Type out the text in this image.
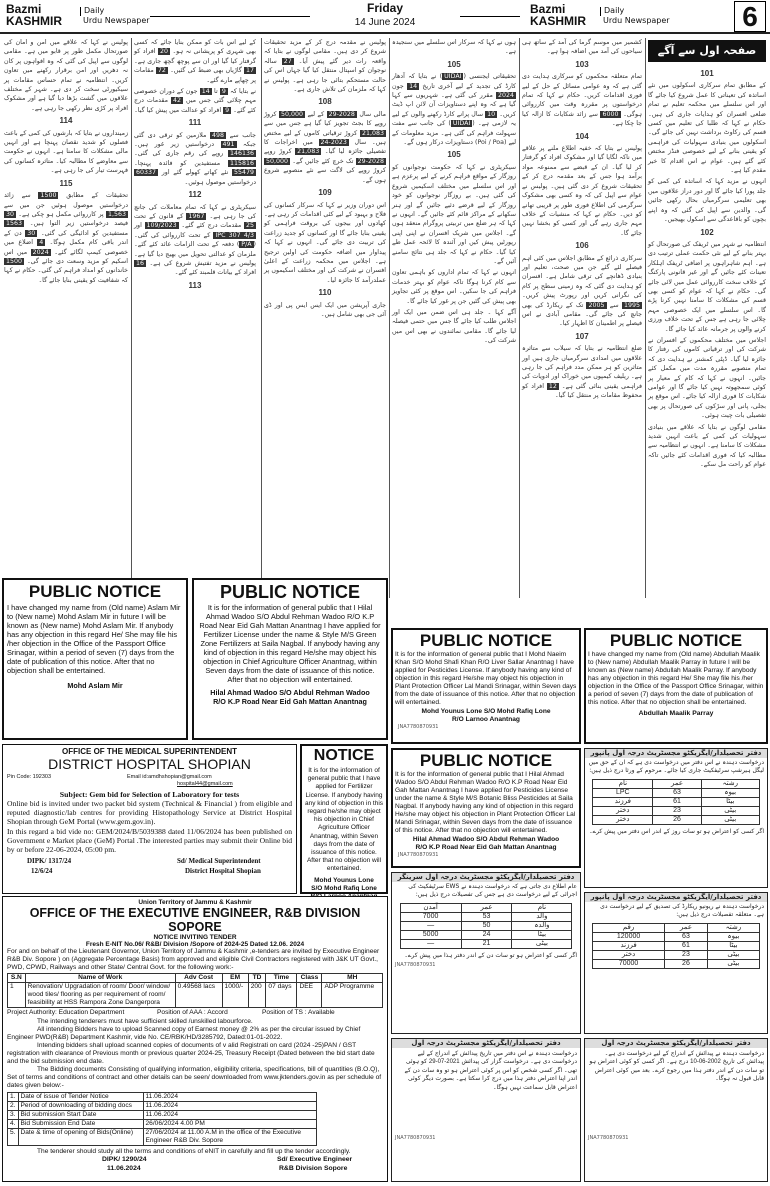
Bazmi
KASHMIR
Daily
Urdu Newspaper
Friday
14 June 2024
Bazmi
KASHMIR
Daily
Urdu Newspaper	6
صفحہ اول سے آگے
101

کے مطابق تمام سرکاری اسکولوں میں نئے اساتذہ کی تعیناتی کا عمل شروع کیا جائے گا اور اس سلسلے میں محکمہ تعلیم نے تمام ضلعی افسران کو ہدایات جاری کی ہیں۔ حکام نے کہا کہ طلبا کی تعلیم میں کسی قسم کی رکاوٹ برداشت نہیں کی جائے گی۔ اسکولوں میں بنیادی سہولیات کی فراہمی کو یقینی بنانے کے لیے خصوصی فنڈز مختص کئے گئے ہیں۔ عوام نے اس اقدام کا خیر مقدم کیا ہے۔

انہوں نے مزید کہا کہ اساتذہ کی کمی کو جلد پورا کیا جائے گا اور دور دراز علاقوں میں بھی تعلیمی سرگرمیاں بحال رکھی جائیں گی۔ والدین سے اپیل کی گئی کہ وہ اپنے بچوں کو باقاعدگی سے اسکول بھیجیں۔

102

انتظامیہ نے شہر میں ٹریفک کی صورتحال کو بہتر بنانے کے لیے نئی حکمت عملی ترتیب دی ہے۔ اہم شاہراہوں پر اضافی ٹریفک اہلکار تعینات کئے جائیں گے اور غیر قانونی پارکنگ کے خلاف سخت کارروائی عمل میں لائی جائے گی۔ حکام نے کہا کہ عوام کو کسی بھی قسم کی مشکلات کا سامنا نہیں کرنا پڑے گا۔ اس سلسلے میں ایک خصوصی مہم چلائی جا رہی ہے جس کے تحت خلاف ورزی کرنے والوں پر جرمانہ عائد کیا جائے گا۔

اجلاس میں مختلف محکموں کے افسران نے شرکت کی اور ترقیاتی کاموں کی رفتار کا جائزہ لیا گیا۔ ڈپٹی کمشنر نے ہدایت دی کہ تمام منصوبے مقررہ مدت میں مکمل کئے جائیں۔ انہوں نے کہا کہ کام کے معیار پر کوئی سمجھوتہ نہیں کیا جائے گا اور عوامی شکایات کا فوری ازالہ کیا جائے۔ اس موقع پر بجلی، پانی اور سڑکوں کی صورتحال پر بھی تفصیلی بات چیت ہوئی۔

مقامی لوگوں نے بتایا کہ علاقے میں بنیادی سہولیات کی کمی کے باعث انہیں شدید مشکلات کا سامنا ہے۔ انہوں نے انتظامیہ سے مطالبہ کیا کہ فوری اقدامات کئے جائیں تاکہ عوام کو راحت مل سکے۔

کشمیر میں موسم گرما کی آمد کے ساتھ ہی سیاحوں کی آمد میں اضافہ ہوا ہے۔

103

تمام متعلقہ محکموں کو سرکاری ہدایت دی گئی ہے کہ وہ عوامی مسائل کے حل کے لیے فوری اقدامات کریں۔ حکام نے کہا کہ تمام درخواستوں پر مقررہ وقت میں کارروائی ہوگی۔ 6000 سے زائد شکایات کا ازالہ کیا جا چکا ہے۔

104

پولیس نے بتایا کہ خفیہ اطلاع ملنے پر علاقے میں ناکہ لگایا گیا اور مشکوک افراد کو گرفتار کر لیا گیا۔ ان کے قبضے سے ممنوعہ مواد برآمد ہوا جس کے بعد مقدمہ درج کر کے تحقیقات شروع کر دی گئی ہیں۔ پولیس نے عوام سے اپیل کی کہ وہ کسی بھی مشکوک سرگرمی کی اطلاع فوری طور پر قریبی تھانے کو دیں۔ حکام نے کہا کہ منشیات کے خلاف مہم جاری رہے گی اور کسی کو بخشا نہیں جائے گا۔

106

سرکاری ذرائع کے مطابق اجلاس میں کئی اہم فیصلے لئے گئے جن میں صحت، تعلیم اور بنیادی ڈھانچے کی ترقی شامل ہے۔ افسران کو ہدایت دی گئی کہ وہ زمینی سطح پر کام کی نگرانی کریں اور رپورٹ پیش کریں۔ 1995 سے 2005 تک کے ریکارڈ کی بھی جانچ کی جائے گی۔ مقامی آبادی نے اس فیصلے پر اطمینان کا اظہار کیا۔

107

ضلع انتظامیہ نے بتایا کہ سیلاب سے متاثرہ علاقوں میں امدادی سرگرمیاں جاری ہیں اور متاثرین کو ہر ممکن مدد فراہم کی جا رہی ہے۔ ریلیف کیمپوں میں خوراک اور ادویات کی فراہمی یقینی بنائی گئی ہے۔ 12 افراد کو محفوظ مقامات پر منتقل کیا گیا۔

ہوں نے کہا کہ سرکار اس سلسلے میں سنجیدہ ہے۔

105

تحقیقاتی ایجنسی (UIDAI) نے بتایا کہ آدھار کارڈ کی تجدید کے لیے آخری تاریخ 14 جون 2024 مقرر کی گئی ہے۔ شہریوں سے کہا گیا ہے کہ وہ اپنے دستاویزات آن لائن اپ ڈیٹ کریں۔ 10 سال پرانے کارڈ رکھنے والوں کے لیے یہ لازمی ہے۔ (UIDAI) کی جانب سے مفت سہولت فراہم کی گئی ہے۔ مزید معلومات کے لیے (Poi / Poa) دستاویزات درکار ہوں گے۔

105

سیکریٹری نے کہا کہ حکومت نوجوانوں کو روزگار کے مواقع فراہم کرنے کے لیے پرعزم ہے اور اس سلسلے میں مختلف اسکیمیں شروع کی گئی ہیں۔ بے روزگار نوجوانوں کو خود روزگار کے لیے قرضے دئیے جائیں گے اور ہنر سکھانے کے مراکز قائم کئے جائیں گے۔ انہوں نے کہا کہ ہر ضلع میں تربیتی پروگرام منعقد ہوں گے۔ اجلاس میں شریک افسران نے اپنی اپنی رپورٹیں پیش کیں اور آئندہ کا لائحہ عمل طے کیا گیا۔ حکام نے کہا کہ جلد ہی نتائج سامنے آئیں گے۔

انہوں نے کہا کہ تمام اداروں کو باہمی تعاون سے کام کرنا ہوگا تاکہ عوام کو بہتر خدمات فراہم کی جا سکیں۔ اس موقع پر کئی تجاویز بھی پیش کی گئیں جن پر غور کیا جائے گا۔

آگے کہا ۔ جلد ہی اس ضمن میں ایک اور اجلاس طلب کیا جائے گا جس میں حتمی فیصلہ لیا جائے گا۔ مقامی نمائندوں نے بھی اس میں شرکت کی۔

پولیس نے مقدمہ درج کر کے مزید تحقیقات شروع کر دی ہیں۔ مقامی لوگوں نے بتایا کہ واقعہ رات دیر گئے پیش آیا۔ 27 سالہ نوجوان کو اسپتال منتقل کیا گیا جہاں اس کی حالت مستحکم بتائی جا رہی ہے۔ پولیس نے کہا کہ ملزمان کی تلاش جاری ہے۔

108

مالی سال 2028-29 کے لیے 50,000 کروڑ روپے کا بجٹ تجویز کیا گیا ہے جس میں سے 21,083 کروڑ ترقیاتی کاموں کے لیے مختص ہیں۔ سال 2023-24 میں اخراجات کا تفصیلی جائزہ لیا گیا۔ 21,083 کروڑ روپے 2028-29 تک خرچ کئے جائیں گے۔ 50,000 کروڑ روپے کی لاگت سے نئے منصوبے شروع ہوں گے۔

109

اس دوران وزیر نے کہا کہ سرکار کسانوں کی فلاح و بہبود کے لیے کئی اقدامات کر رہی ہے۔ کھادوں اور بیجوں کی بروقت فراہمی کو یقینی بنایا جائے گا اور کسانوں کو جدید زراعت کی تربیت دی جائے گی۔ انہوں نے کہا کہ پیداوار میں اضافہ حکومت کی اولین ترجیح ہے۔ اجلاس میں محکمہ زراعت کے اعلیٰ افسران نے شرکت کی اور مختلف اسکیموں پر عملدرآمد کا جائزہ لیا۔

110

جاری آپریشن میں ایک ایس ایس پی اور ڈی آئی جی بھی شامل ہیں۔

کے لیے اس بات کو ممکن بنایا جائے کہ کسی بھی شہری کو پریشانی نہ ہو۔ 20 افراد کو گرفتار کیا گیا اور ان سے پوچھ گچھ جاری ہے۔ 17 گاڑیاں بھی ضبط کی گئیں۔ 72 مقامات پر چھاپے مارے گئے۔

نے بتایا کہ 9 تا 14 جون کے دوران خصوصی مہم چلائی گئی جس میں 42 مقدمات درج کئے گئے۔ 9 افراد کو عدالت میں پیش کیا گیا۔

111

جانب سے 498 ملازمین کو ترقی دی گئی جبکہ 491 درخواستیں زیر غور ہیں۔ 146136 روپے کی رقم جاری کی گئی۔ 115816 مستفیدین کو فائدہ پہنچا۔ 55479 نئے کھاتے کھولے گئے اور 60337 درخواستیں موصول ہوئیں۔

112

سیکریٹری نے کہا کہ تمام معاملات کی جانچ کی جا رہی ہے۔ 1967 کے قانون کے تحت 25 مقدمات درج کئے گئے۔ 109/2023 اور 4/3 IPC 307 کے تحت کارروائی کی گئی۔ (P/A) دفعہ کے تحت الزامات عائد کئے گئے۔ ملزمان کو عدالتی تحویل میں بھیج دیا گیا ہے۔ پولیس نے مزید تفتیش شروع کی ہے۔ 16 افراد کے بیانات قلمبند کئے گئے۔

113

پولیس نے کہا کہ علاقے میں امن و امان کی صورتحال مکمل طور پر قابو میں ہے۔ مقامی لوگوں سے اپیل کی گئی کہ وہ افواہوں پر کان نہ دھریں اور امن برقرار رکھنے میں تعاون کریں۔ انتظامیہ نے تمام حساس مقامات پر سیکیورٹی سخت کر دی ہے۔ شہر کے مختلف علاقوں میں گشت بڑھا دیا گیا ہے اور مشکوک افراد پر کڑی نظر رکھی جا رہی ہے۔

114

زمینداروں نے بتایا کہ بارشوں کی کمی کے باعث فصلوں کو شدید نقصان پہنچا ہے اور انہیں مالی مشکلات کا سامنا ہے۔ انہوں نے حکومت سے معاوضے کا مطالبہ کیا۔ متاثرہ کسانوں کی فہرست تیار کی جا رہی ہے۔

115

تحقیقات کے مطابق 1500 سے زائد درخواستیں موصول ہوئیں جن میں سے 1,563 پر کارروائی مکمل ہو چکی ہے۔ 30 فیصد درخواستیں زیر التوا ہیں۔ 1563 مستفیدین کو ادائیگی کی گئی۔ 30 دن کے اندر باقی کام مکمل ہوگا۔ 4 اضلاع میں خصوصی کیمپ لگائے گئے۔ 2024 میں اس اسکیم کو مزید وسعت دی جائے گی۔ 1500 خاندانوں کو امداد فراہم کی گئی۔ حکام نے کہا کہ شفافیت کو یقینی بنایا جائے گا۔

PUBLIC NOTICE
I have changed my name from (Old name) Aslam Mir to (New name) Mohd Aslam Mir in future I will be known as (New name) Mohd Aslam Mir. If anybody has any objection in this regard He/ She may file his /her objection in the Office of the Passport Office Srinagar, within a period of seven (7) days from the date of publication of this notice. After that no objection shall be entertained.
Mohd Aslam Mir
PUBLIC NOTICE
It is for the information of general public that I Hilal Ahmad Wadoo S/O Abdul Rehman Wadoo R/O K.P Road Near Eid Gah Mattan Anantnag I have applied for Fertilizer License under the name & Style M/S Green Zone Fertilizers at Saila Nagbal. If anybody having any kind of objection in this regard He/she may object his objection in Chief Agriculture Officer Anantnag, within Seven days from the date of issuance of this notice. After that no objection will entertained.
Hilal Ahmad Wadoo S/O Abdul Rehman Wadoo
R/O K.P Road Near Eid Gah Mattan Anantnag
PUBLIC NOTICE
It is for the information of general public that I Mohd Naeim Khan S/O Mohd Shafi Khan R/O Liver Sallar Anantnag I have applied for Pesticides License. If anybody having any kind of objection in this regard He/she may object his objection in Plant Protection Officer Lal Mandi Srinagar, within Seven days from the date of issuance of this notice. After that no objection will entertained.
Mohd Younus Lone S/O Mohd Rafiq Lone
R/O Larnoo Anantnag
JNA7780870931
PUBLIC NOTICE
I have changed my name from (Old name) Abdullah Maalik to (New name) Abdullah Maalik Parray in future I will be known as (New name) Abdullah Maalik Parray. If anybody has any objection in this regard He/ She may file his /her objection in the Office of the Passport Office Srinagar, within a period of seven (7) days from the date of publication of this notice. After that no objection shall be entertained.
Abdullah Maalik Parray
PUBLIC NOTICE
It is for the information of general public that I Hilal Ahmad Wadoo S/O Abdul Rehman Wadoo R/O K.P Road Near Eid Gah Mattan Anantnag I have applied for Pesticides License under the name & Style M/S Botanic Bliss Pesticides at Saila Nagbal. If anybody having any kind of objection in this regard He/she may object his objection in Plant Protection Officer Lal Mandi Srinagar, within Seven days from the date of issuance of this notice. After that no objection will entertained.
Hilal Ahmad Wadoo S/O Abdul Rehman Wadoo
R/O K.P Road Near Eid Gah Mattan Anantnag
JNA7780870931
NOTICE
It is for the information of general public that I have applied for Fertilizer License. If anybody having any kind of objection in this regard he/she may object his objection in Chief Agriculture Officer Anantnag, within Seven days from the date of issuance of this notice. After that no objection will entertained.
Mohd Younus Lone
S/O Mohd Rafiq Lone
OFFICE OF THE MEDICAL SUPERINTENDENT
DISTRICT HOSPITAL SHOPIAN
Pin Code: 192303	Email id:amdhshopian@gmail.com
hospital44@gmail.com
Subject: Gem bid for Selection of Laboratory for tests
Online bid is invited under two packet bid system (Technical & Financial ) from eligible and reputed diagnostic/lab centres for providing Histopathology Service at District Hospital Shopian through GeM Portal (www.gem.gov.in).
In this regard a bid vide no: GEM/2024/B/5039388 dated 11/06/2024 has been published on Government e Market place (GeM) Portal .The interested parties may submit their Online bid by or before 22-06-2024, 05:00 pm.
DIPK/ 1317/24
12/6/24
Sd/ Medical Superintendent
District Hospital Shopian
Union Territory of Jammu & Kashmir
OFFICE OF THE EXECUTIVE ENGINEER, R&B DIVISION SOPORE
NOTICE INVITING TENDER
Fresh E-NIT No.06/ R&B/ Division /Sopore of 2024-25 Dated 12.06. 2024
For and on behalf of the Lieutenant Governor, Union Territory of Jammu & Kashmir ,e-tenders are invited by Executive Engineer R&B Div. Sopore ) on (Aggregate Percentage Basis) from approved and eligible Civil Contractors registered with J&K UT Govt., PWD, CPWD, Railways and other State/ Central Govt. for the following work:-
S.N	Name of Work	Adv Cost	EM	TD	Time	Class	MH
1	Renovation/ Upgradation of room/ Door/ window/ wood tiles/ flooring as per requirement of room/ feasibility at HSS Rampora Zone Dangerpora	0.49568 lacs	1000/-	200	07 days	DEE	ADP Programme
Project Authority: Education Department	Position of AAA : Accord	Position of TS : Available
The intending tenderers must have sufficient skilled /unskilled labourforce.
All intending Bidders have to upload Scanned copy of Earnest money @ 2% as per the circular issued by Chief Engineer PWD(R&B) Department Kashmir, vide No. CE/RBK/HD/3285792, Dated:01-01-2022.
Intending bidders shall upload scanned copies of documents of v alid Registrati on card (2024 -25)PAN / GST registration with clearance of Previous month or previous quarter 2024-25, Treasury Receipt (Dated between the bid start date and the bid submission end date.
The Bidding documents Consisting of qualifying information, eligibility criteria, specifications, bill of quantities (B.O.Q), Set of terms and conditions of contract and other details can be seen/ downloaded from www.jktenders.gov.in as per schedule of dates given below:-
1.	Date of issue of Tender Notice	11.06.2024
2.	Period of downloading of bidding docs	11.06.2024
3.	Bid submission Start Date	11.06.2024
4.	Bid Submission End Date	26/06/2024 4.00 PM
5.	Date & time of opening of Bids(Online)	27/06/2024 at 11.00 A.M in the office of the Executive Engineer R&B Div. Sopore
The tenderer should study all the terms and conditions of eNIT in carefully and fill up the tender accordingly.
DIPK/ 1290/24
11.06.2024
Sd/ Executive Engineer
R&B Division Sopore
دفتر تحصیلدار/ایگزیکٹو مجسٹریٹ درجہ اول پانپور
درخواست دہندہ نے اس دفتر میں درخواست دی ہے کہ ان کے حق میں لیگل ہیرشپ سرٹیفکیٹ جاری کیا جائے۔ مرحوم کے ورثا درج ذیل ہیں:
نام	عمر	رشتہ
LPC	63	بیوہ
فرزند	61	بیٹا
دختر	23	بیٹی
دختر	26	بیٹی
اگر کسی کو اعتراض ہو تو سات روز کے اندر اس دفتر میں پیش کرے۔
دفتر تحصیلدار/ایگزیکٹو مجسٹریٹ درجہ اول پانپور
درخواست دہندہ نے ریونیو ریکارڈ کی تصدیق کے لیے درخواست دی ہے۔ متعلقہ تفصیلات درج ذیل ہیں:
رقم	عمر	رشتہ
120000	63	بیوہ
فرزند	61	بیٹا
دختر	23	بیٹی
70000	26	بیٹی
دفتر تحصیلدار/ایگزیکٹو مجسٹریٹ درجہ اول سرینگر
عام اطلاع دی جاتی ہے کہ درخواست دہندہ نے EWS سرٹیفکیٹ کی اجرائی کے لیے درخواست دی ہے جس کی تفصیلات درج ذیل ہیں:
آمدن	عمر	نام
7000	53	والد
—	50	والدہ
5000	24	بیٹا
—	21	بیٹی
اگر کسی کو اعتراض ہو تو سات دن کے اندر دفتر ہذا میں پیش کرے۔
JNA7780870931
دفتر تحصیلدار/ایگزیکٹو مجسٹریٹ درجہ اول
درخواست دہندہ نے اس دفتر میں تاریخ پیدائش کے اندراج کے لیے درخواست دی ہے۔ درخواست گزار کی پیدائش 29-07-2021 کو ہوئی تھی۔ اگر کسی شخص کو اس پر کوئی اعتراض ہو تو وہ سات دن کے اندر اپنا اعتراض دفتر ہذا میں درج کرا سکتا ہے۔ بصورت دیگر کوئی اعتراض قابل سماعت نہیں ہوگا۔
JNA7780870931
دفتر تحصیلدار/ایگزیکٹو مجسٹریٹ درجہ اول
درخواست دہندہ نے پیدائش کے اندراج کے لیے درخواست دی ہے۔ پیدائش کی تاریخ 10-06-2002 درج ہے۔ اگر کسی کو کوئی اعتراض ہو تو سات دن کے اندر دفتر ہذا میں رجوع کرے۔ بعد میں کوئی اعتراض قابل قبول نہ ہوگا۔
JNA7780870931
